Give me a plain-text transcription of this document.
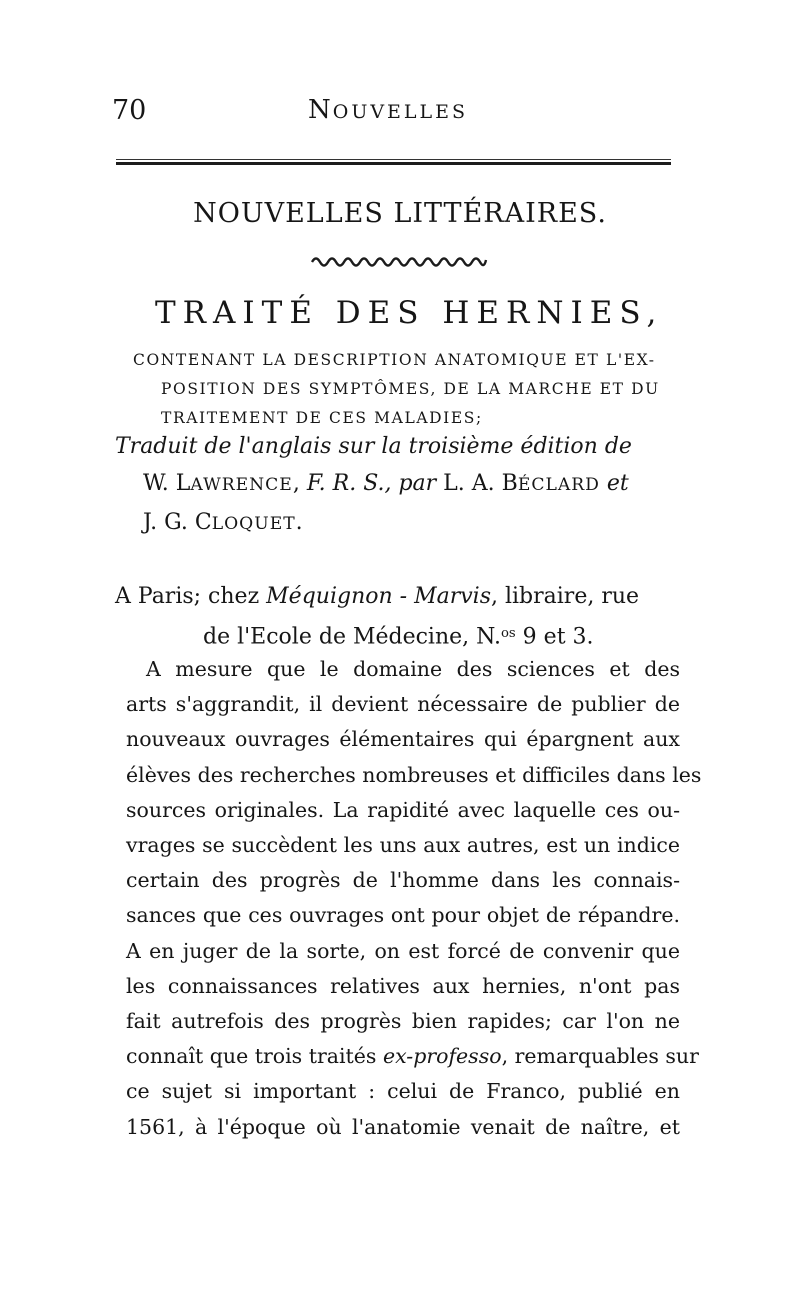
70	NOUVELLES
NOUVELLES LITTÉRAIRES.
TRAITÉ DES HERNIES,
CONTENANT LA DESCRIPTION ANATOMIQUE ET L'EX-
POSITION DES SYMPTÔMES, DE LA MARCHE ET DU
TRAITEMENT DE CES MALADIES;
Traduit de l'anglais sur la troisième édition de
W. LAWRENCE, F. R. S., par L. A. BÉCLARD et
J. G. CLOQUET.
A Paris; chez Méquignon - Marvis, libraire, rue
de l'Ecole de Médecine, N.$^{os}$ 9 et 3.
A mesure que le domaine des sciences et des
arts s'aggrandit, il devient nécessaire de publier de
nouveaux ouvrages élémentaires qui épargnent aux
élèves des recherches nombreuses et difficiles dans les
sources originales. La rapidité avec laquelle ces ou-
vrages se succèdent les uns aux autres, est un indice
certain des progrès de l'homme dans les connais-
sances que ces ouvrages ont pour objet de répandre.
A en juger de la sorte, on est forcé de convenir que
les connaissances relatives aux hernies, n'ont pas
fait autrefois des progrès bien rapides; car l'on ne
connaît que trois traités ex-professo, remarquables sur
ce sujet si important : celui de Franco, publié en
1561, à l'époque où l'anatomie venait de naître, et
